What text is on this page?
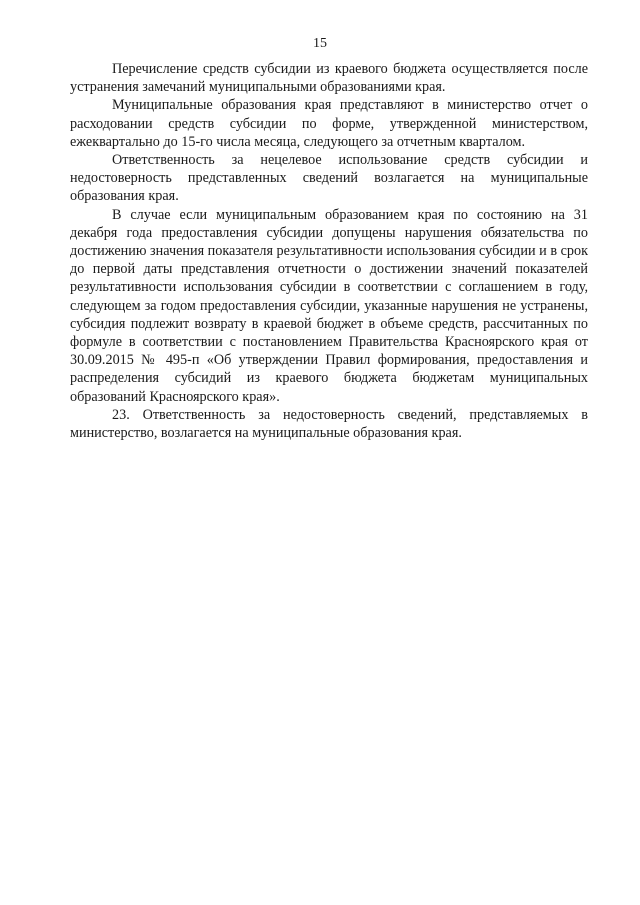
15

Перечисление средств субсидии из краевого бюджета осуществляется после устранения замечаний муниципальными образованиями края.

Муниципальные образования края представляют в министерство отчет о расходовании средств субсидии по форме, утвержденной министерством, ежеквартально до 15-го числа месяца, следующего за отчетным кварталом.

Ответственность за нецелевое использование средств субсидии и недостоверность представленных сведений возлагается на муниципальные образования края.

В случае если муниципальным образованием края по состоянию на 31 декабря года предоставления субсидии допущены нарушения обязательства по достижению значения показателя результативности использования субсидии и в срок до первой даты представления отчетности о достижении значений показателей результативности использования субсидии в соответствии с соглашением в году, следующем за годом предоставления субсидии, указанные нарушения не устранены, субсидия подлежит возврату в краевой бюджет в объеме средств, рассчитанных по формуле в соответствии с постановлением Правительства Красноярского края от 30.09.2015 № 495-п «Об утверждении Правил формирования, предоставления и распределения субсидий из краевого бюджета бюджетам муниципальных образований Красноярского края».

23. Ответственность за недостоверность сведений, представляемых в министерство, возлагается на муниципальные образования края.
